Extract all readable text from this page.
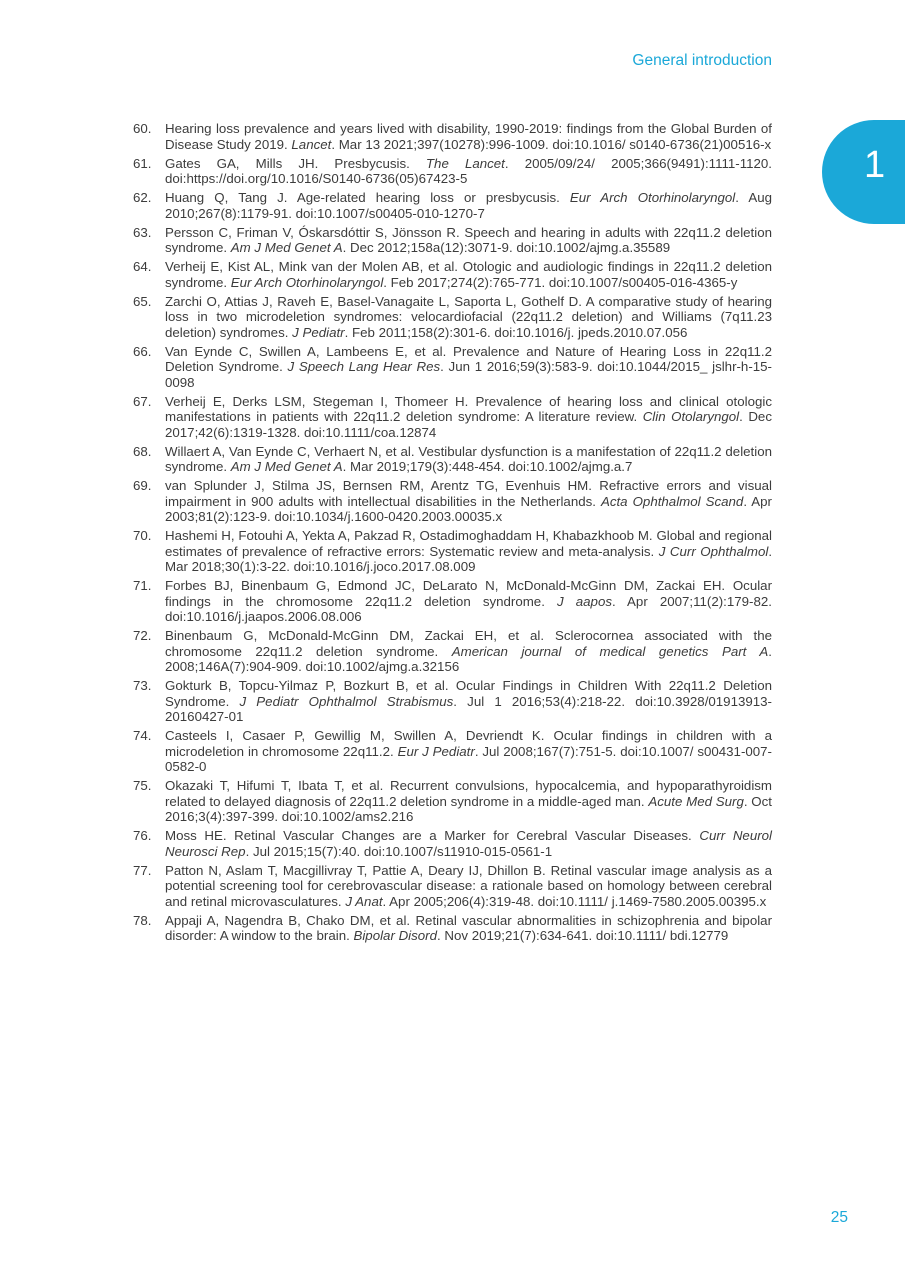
General introduction
1
60. Hearing loss prevalence and years lived with disability, 1990-2019: findings from the Global Burden of Disease Study 2019. Lancet. Mar 13 2021;397(10278):996-1009. doi:10.1016/ s0140-6736(21)00516-x
61. Gates GA, Mills JH. Presbycusis. The Lancet. 2005/09/24/ 2005;366(9491):1111-1120. doi:https://doi.org/10.1016/S0140-6736(05)67423-5
62. Huang Q, Tang J. Age-related hearing loss or presbycusis. Eur Arch Otorhinolaryngol. Aug 2010;267(8):1179-91. doi:10.1007/s00405-010-1270-7
63. Persson C, Friman V, Óskarsdóttir S, Jönsson R. Speech and hearing in adults with 22q11.2 deletion syndrome. Am J Med Genet A. Dec 2012;158a(12):3071-9. doi:10.1002/ajmg.a.35589
64. Verheij E, Kist AL, Mink van der Molen AB, et al. Otologic and audiologic findings in 22q11.2 deletion syndrome. Eur Arch Otorhinolaryngol. Feb 2017;274(2):765-771. doi:10.1007/s00405-016-4365-y
65. Zarchi O, Attias J, Raveh E, Basel-Vanagaite L, Saporta L, Gothelf D. A comparative study of hearing loss in two microdeletion syndromes: velocardiofacial (22q11.2 deletion) and Williams (7q11.23 deletion) syndromes. J Pediatr. Feb 2011;158(2):301-6. doi:10.1016/j. jpeds.2010.07.056
66. Van Eynde C, Swillen A, Lambeens E, et al. Prevalence and Nature of Hearing Loss in 22q11.2 Deletion Syndrome. J Speech Lang Hear Res. Jun 1 2016;59(3):583-9. doi:10.1044/2015_ jslhr-h-15-0098
67. Verheij E, Derks LSM, Stegeman I, Thomeer H. Prevalence of hearing loss and clinical otologic manifestations in patients with 22q11.2 deletion syndrome: A literature review. Clin Otolaryngol. Dec 2017;42(6):1319-1328. doi:10.1111/coa.12874
68. Willaert A, Van Eynde C, Verhaert N, et al. Vestibular dysfunction is a manifestation of 22q11.2 deletion syndrome. Am J Med Genet A. Mar 2019;179(3):448-454. doi:10.1002/ajmg.a.7
69. van Splunder J, Stilma JS, Bernsen RM, Arentz TG, Evenhuis HM. Refractive errors and visual impairment in 900 adults with intellectual disabilities in the Netherlands. Acta Ophthalmol Scand. Apr 2003;81(2):123-9. doi:10.1034/j.1600-0420.2003.00035.x
70. Hashemi H, Fotouhi A, Yekta A, Pakzad R, Ostadimoghaddam H, Khabazkhoob M. Global and regional estimates of prevalence of refractive errors: Systematic review and meta-analysis. J Curr Ophthalmol. Mar 2018;30(1):3-22. doi:10.1016/j.joco.2017.08.009
71. Forbes BJ, Binenbaum G, Edmond JC, DeLarato N, McDonald-McGinn DM, Zackai EH. Ocular findings in the chromosome 22q11.2 deletion syndrome. J aapos. Apr 2007;11(2):179-82. doi:10.1016/j.jaapos.2006.08.006
72. Binenbaum G, McDonald-McGinn DM, Zackai EH, et al. Sclerocornea associated with the chromosome 22q11.2 deletion syndrome. American journal of medical genetics Part A. 2008;146A(7):904-909. doi:10.1002/ajmg.a.32156
73. Gokturk B, Topcu-Yilmaz P, Bozkurt B, et al. Ocular Findings in Children With 22q11.2 Deletion Syndrome. J Pediatr Ophthalmol Strabismus. Jul 1 2016;53(4):218-22. doi:10.3928/01913913-20160427-01
74. Casteels I, Casaer P, Gewillig M, Swillen A, Devriendt K. Ocular findings in children with a microdeletion in chromosome 22q11.2. Eur J Pediatr. Jul 2008;167(7):751-5. doi:10.1007/ s00431-007-0582-0
75. Okazaki T, Hifumi T, Ibata T, et al. Recurrent convulsions, hypocalcemia, and hypoparathyroidism related to delayed diagnosis of 22q11.2 deletion syndrome in a middle-aged man. Acute Med Surg. Oct 2016;3(4):397-399. doi:10.1002/ams2.216
76. Moss HE. Retinal Vascular Changes are a Marker for Cerebral Vascular Diseases. Curr Neurol Neurosci Rep. Jul 2015;15(7):40. doi:10.1007/s11910-015-0561-1
77. Patton N, Aslam T, Macgillivray T, Pattie A, Deary IJ, Dhillon B. Retinal vascular image analysis as a potential screening tool for cerebrovascular disease: a rationale based on homology between cerebral and retinal microvasculatures. J Anat. Apr 2005;206(4):319-48. doi:10.1111/ j.1469-7580.2005.00395.x
78. Appaji A, Nagendra B, Chako DM, et al. Retinal vascular abnormalities in schizophrenia and bipolar disorder: A window to the brain. Bipolar Disord. Nov 2019;21(7):634-641. doi:10.1111/ bdi.12779
25
